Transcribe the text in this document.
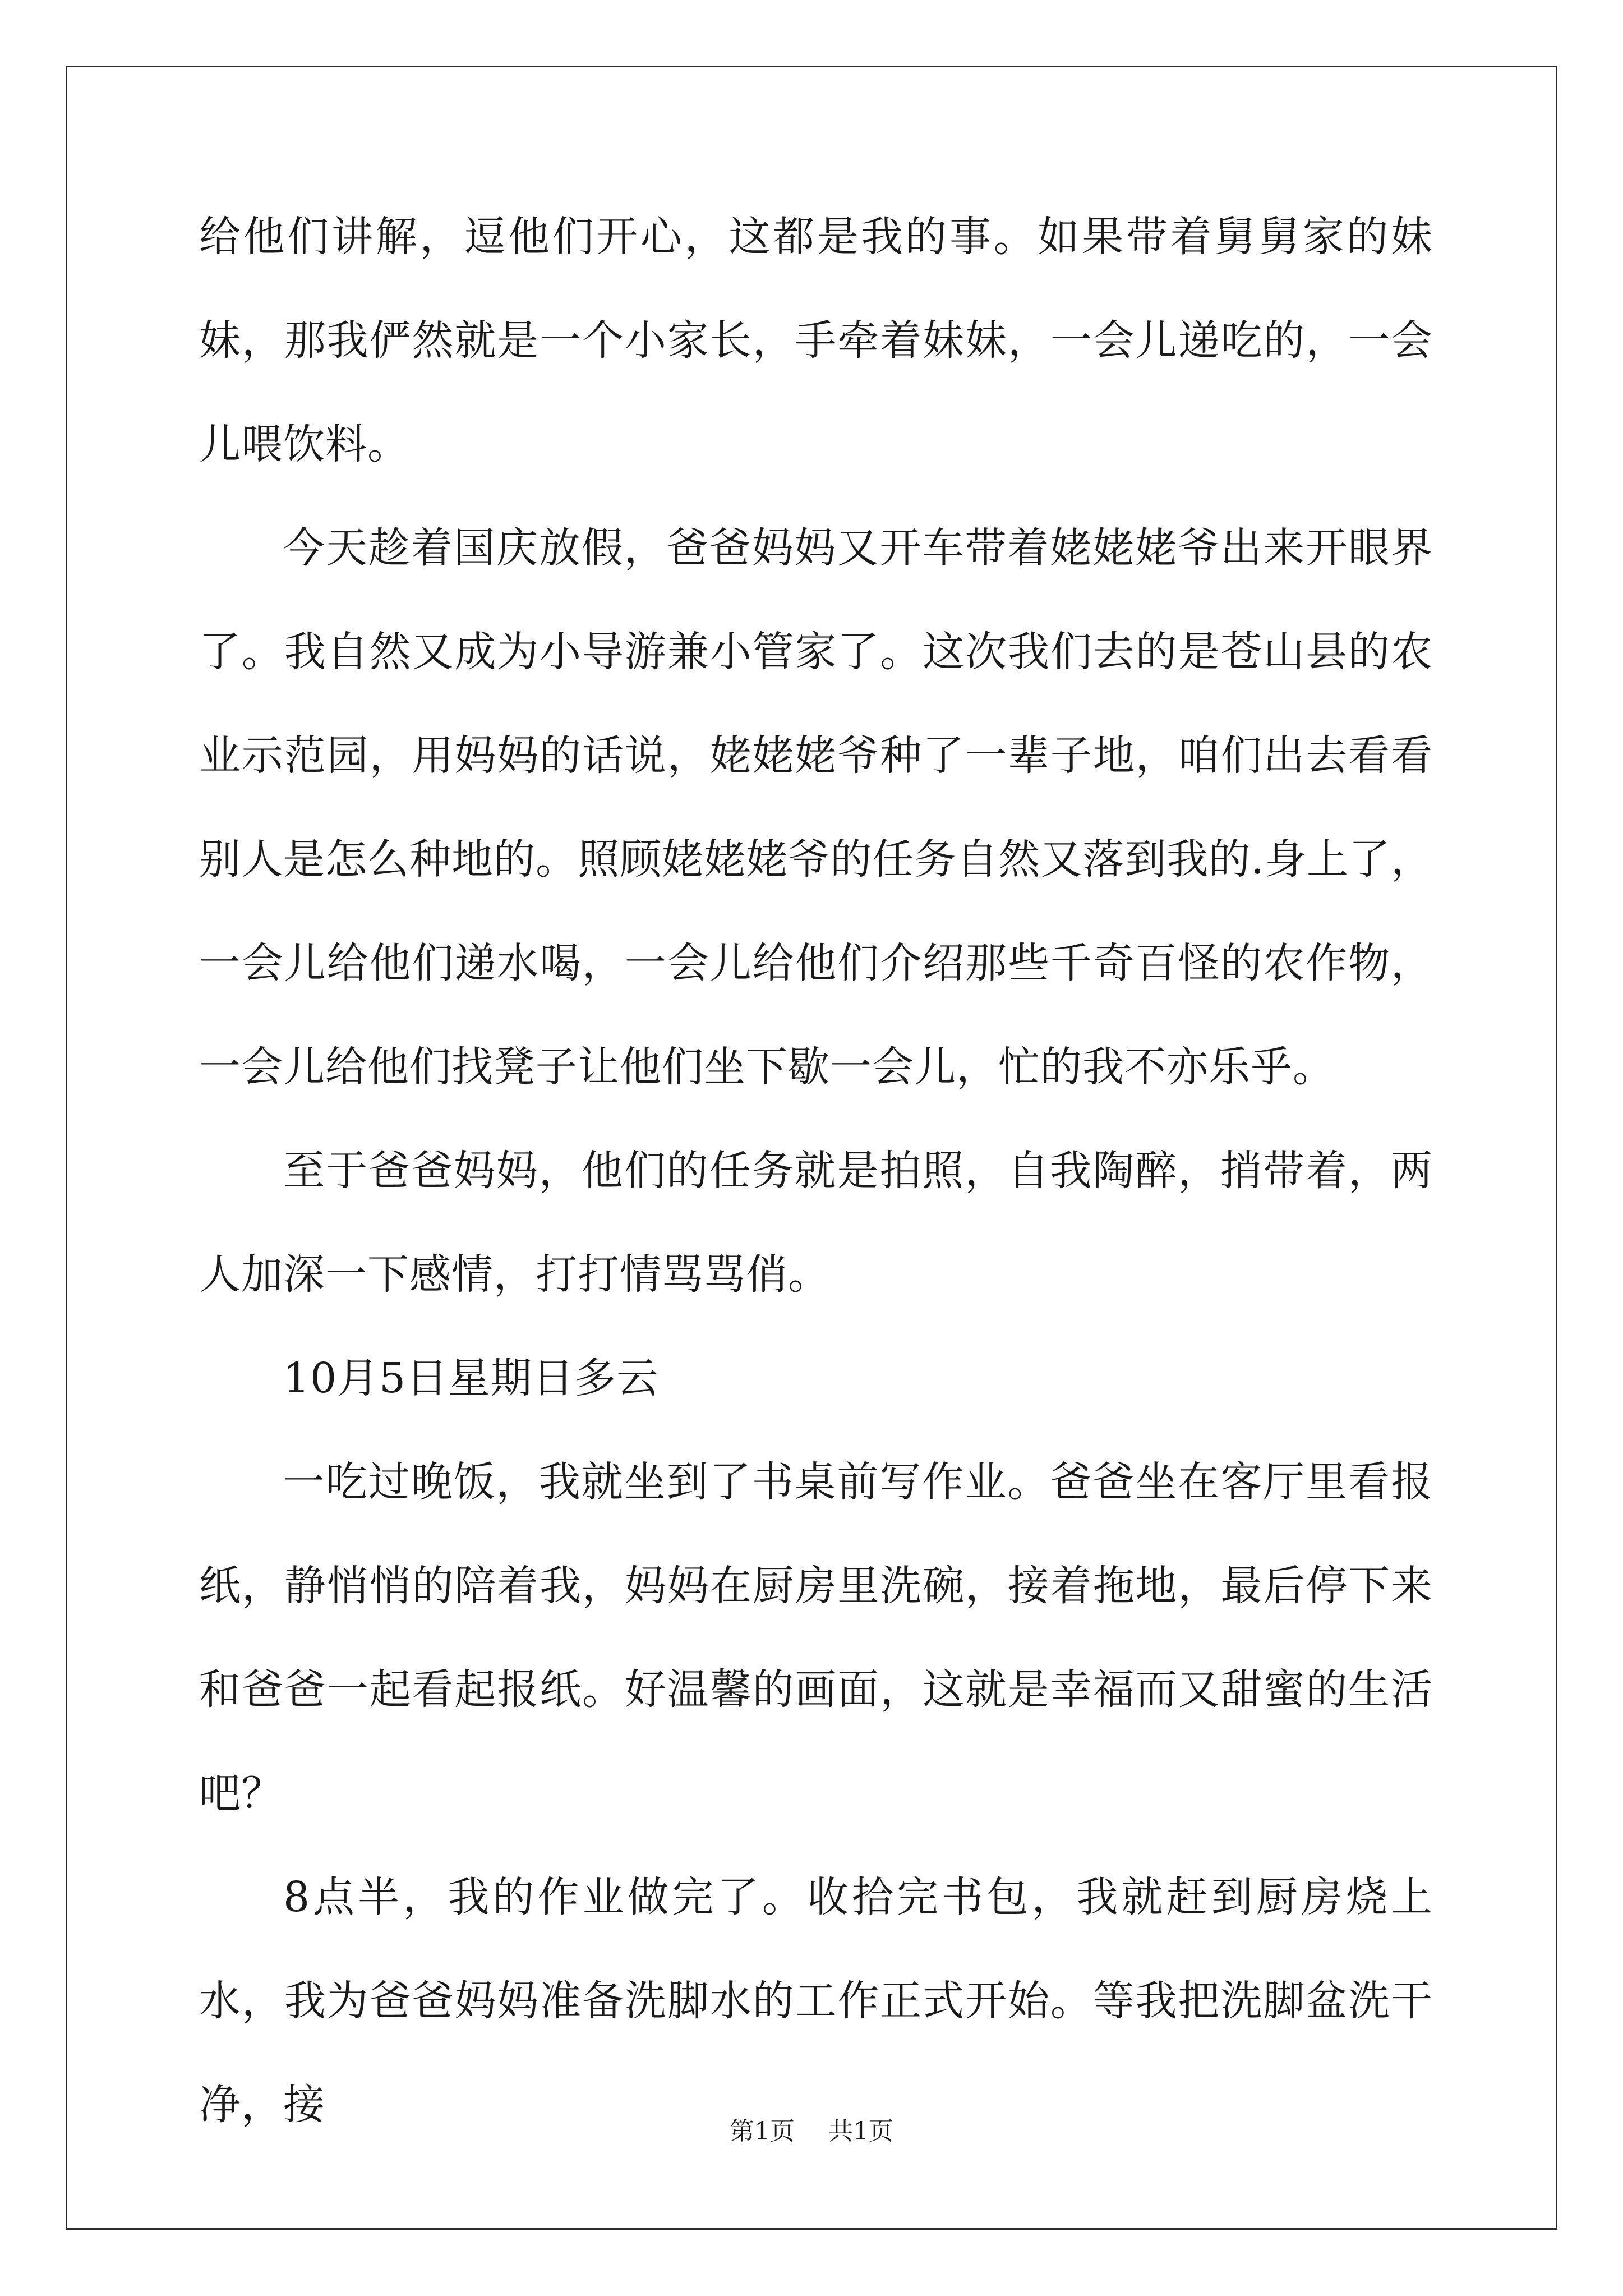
给他们讲解，逗他们开心，这都是我的事。如果带着舅舅家的妹妹，那我俨然就是一个小家长，手牵着妹妹，一会儿递吃的，一会儿喂饮料。

今天趁着国庆放假，爸爸妈妈又开车带着姥姥姥爷出来开眼界了。我自然又成为小导游兼小管家了。这次我们去的是苍山县的农业示范园，用妈妈的话说，姥姥姥爷种了一辈子地，咱们出去看看别人是怎么种地的。照顾姥姥姥爷的任务自然又落到我的.身上了，一会儿给他们递水喝，一会儿给他们介绍那些千奇百怪的农作物，一会儿给他们找凳子让他们坐下歇一会儿，忙的我不亦乐乎。

至于爸爸妈妈，他们的任务就是拍照，自我陶醉，捎带着，两人加深一下感情，打打情骂骂俏。

10月5日星期日多云

一吃过晚饭，我就坐到了书桌前写作业。爸爸坐在客厅里看报纸，静悄悄的陪着我，妈妈在厨房里洗碗，接着拖地，最后停下来和爸爸一起看起报纸。好温馨的画面，这就是幸福而又甜蜜的生活吧？

8点半，我的作业做完了。收拾完书包，我就赶到厨房烧上水，我为爸爸妈妈准备洗脚水的工作正式开始。等我把洗脚盆洗干净，接

第1页 共1页
